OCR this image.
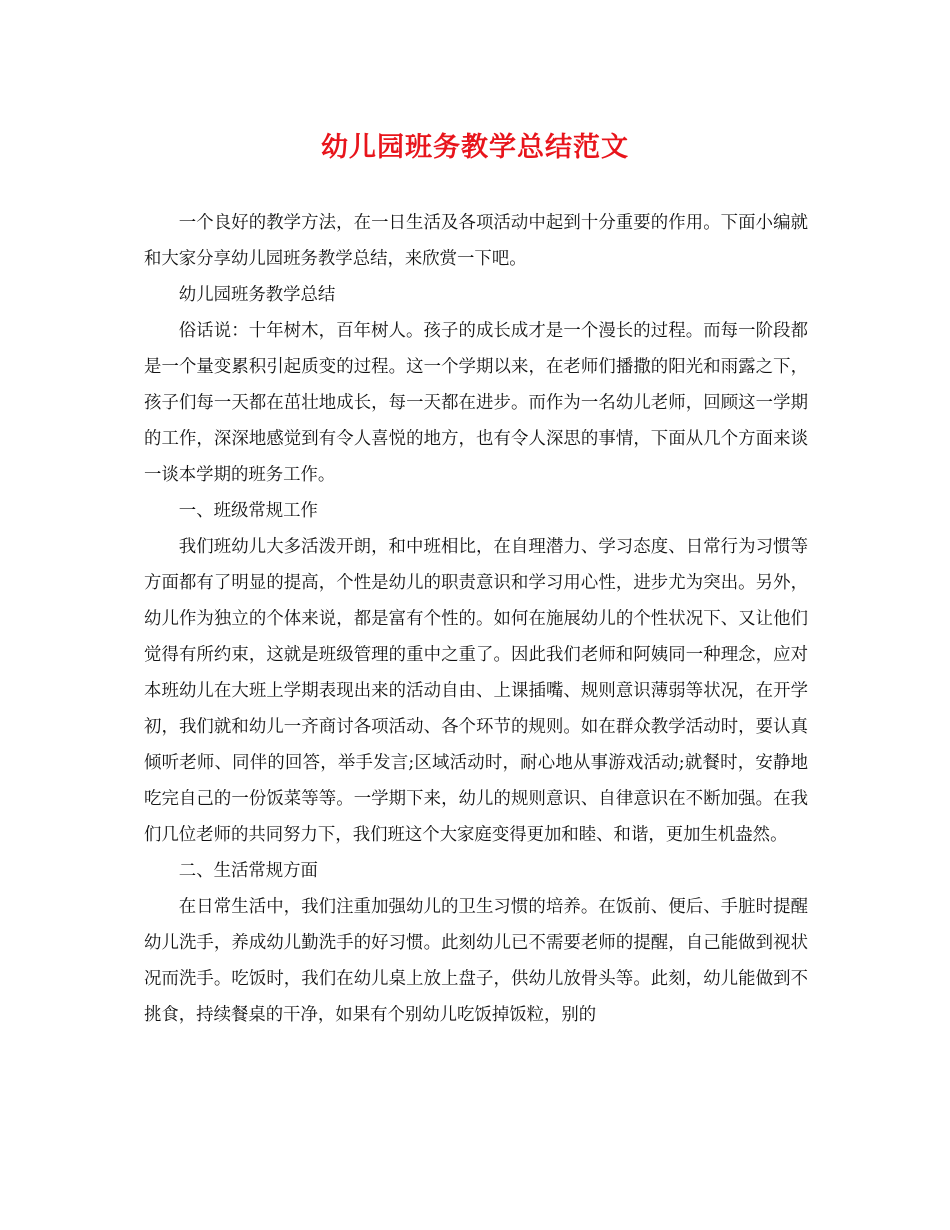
幼儿园班务教学总结范文

一个良好的教学方法，在一日生活及各项活动中起到十分重要的作用。下面小编就和大家分享幼儿园班务教学总结，来欣赏一下吧。

幼儿园班务教学总结

俗话说：十年树木，百年树人。孩子的成长成才是一个漫长的过程。而每一阶段都是一个量变累积引起质变的过程。这一个学期以来，在老师们播撒的阳光和雨露之下，孩子们每一天都在茁壮地成长，每一天都在进步。而作为一名幼儿老师，回顾这一学期的工作，深深地感觉到有令人喜悦的地方，也有令人深思的事情，下面从几个方面来谈一谈本学期的班务工作。

一、班级常规工作

我们班幼儿大多活泼开朗，和中班相比，在自理潜力、学习态度、日常行为习惯等方面都有了明显的提高，个性是幼儿的职责意识和学习用心性，进步尤为突出。另外，幼儿作为独立的个体来说，都是富有个性的。如何在施展幼儿的个性状况下、又让他们觉得有所约束，这就是班级管理的重中之重了。因此我们老师和阿姨同一种理念，应对本班幼儿在大班上学期表现出来的活动自由、上课插嘴、规则意识薄弱等状况，在开学初，我们就和幼儿一齐商讨各项活动、各个环节的规则。如在群众教学活动时，要认真倾听老师、同伴的回答，举手发言;区域活动时，耐心地从事游戏活动;就餐时，安静地吃完自己的一份饭菜等等。一学期下来，幼儿的规则意识、自律意识在不断加强。在我们几位老师的共同努力下，我们班这个大家庭变得更加和睦、和谐，更加生机盎然。

二、生活常规方面

在日常生活中，我们注重加强幼儿的卫生习惯的培养。在饭前、便后、手脏时提醒幼儿洗手，养成幼儿勤洗手的好习惯。此刻幼儿已不需要老师的提醒，自己能做到视状况而洗手。吃饭时，我们在幼儿桌上放上盘子，供幼儿放骨头等。此刻，幼儿能做到不挑食，持续餐桌的干净，如果有个别幼儿吃饭掉饭粒，别的
